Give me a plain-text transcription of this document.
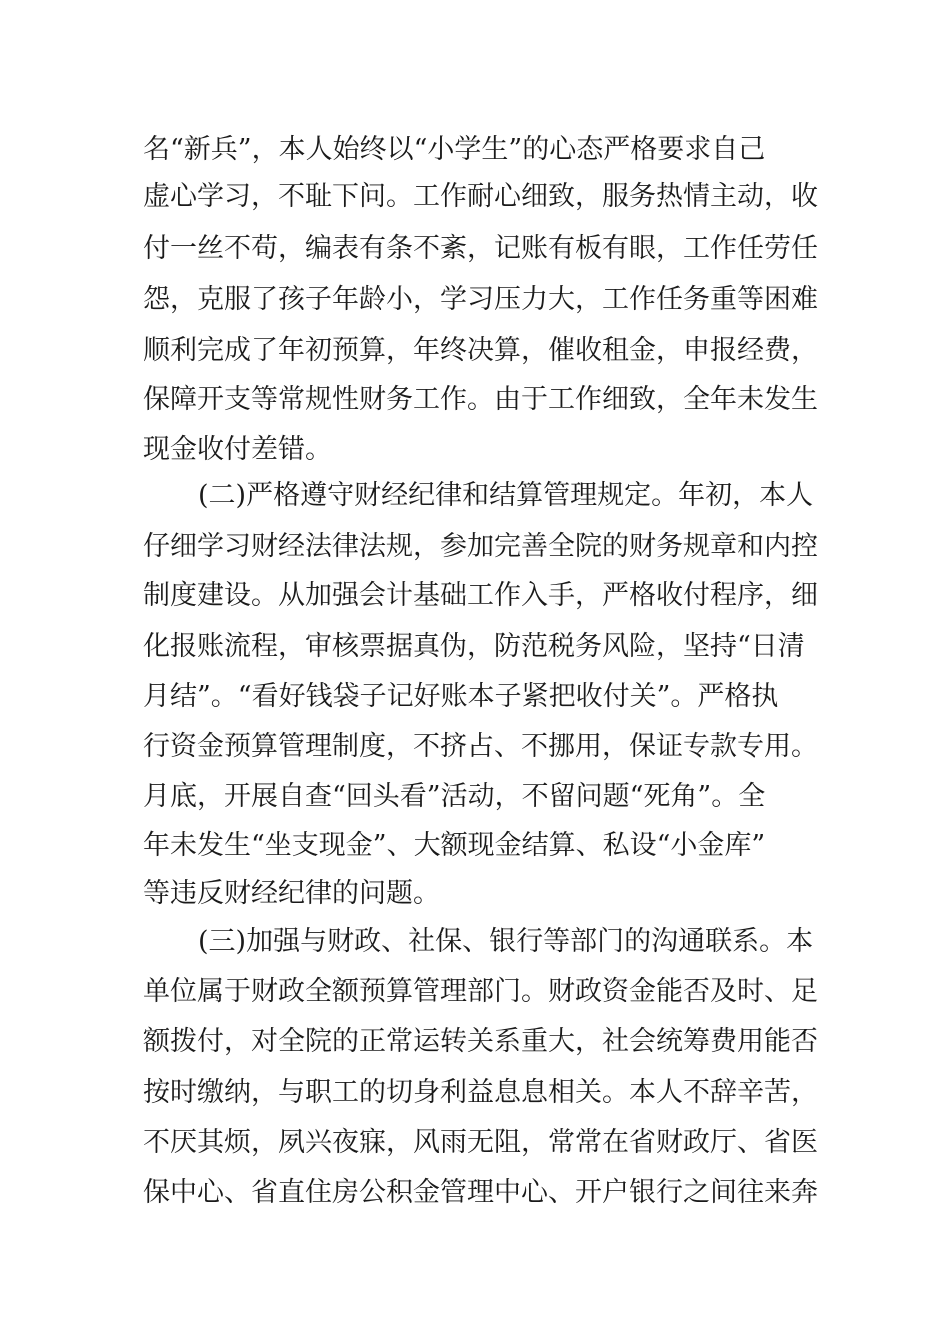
名“新兵”，本人始终以“小学生”的心态严格要求自己
虚心学习，不耻下问。工作耐心细致，服务热情主动，收
付一丝不苟，编表有条不紊，记账有板有眼，工作任劳任
怨，克服了孩子年龄小，学习压力大，工作任务重等困难
顺利完成了年初预算，年终决算，催收租金，申报经费，
保障开支等常规性财务工作。由于工作细致，全年未发生
现金收付差错。
(二)严格遵守财经纪律和结算管理规定。年初，本人
仔细学习财经法律法规，参加完善全院的财务规章和内控
制度建设。从加强会计基础工作入手，严格收付程序，细
化报账流程，审核票据真伪，防范税务风险，坚持“日清
月结”。“看好钱袋子记好账本子紧把收付关”。严格执
行资金预算管理制度，不挤占、不挪用，保证专款专用。
月底，开展自查“回头看”活动，不留问题“死角”。全
年未发生“坐支现金”、大额现金结算、私设“小金库”
等违反财经纪律的问题。
(三)加强与财政、社保、银行等部门的沟通联系。本
单位属于财政全额预算管理部门。财政资金能否及时、足
额拨付，对全院的正常运转关系重大，社会统筹费用能否
按时缴纳，与职工的切身利益息息相关。本人不辞辛苦，
不厌其烦，夙兴夜寐，风雨无阻，常常在省财政厅、省医
保中心、省直住房公积金管理中心、开户银行之间往来奔
